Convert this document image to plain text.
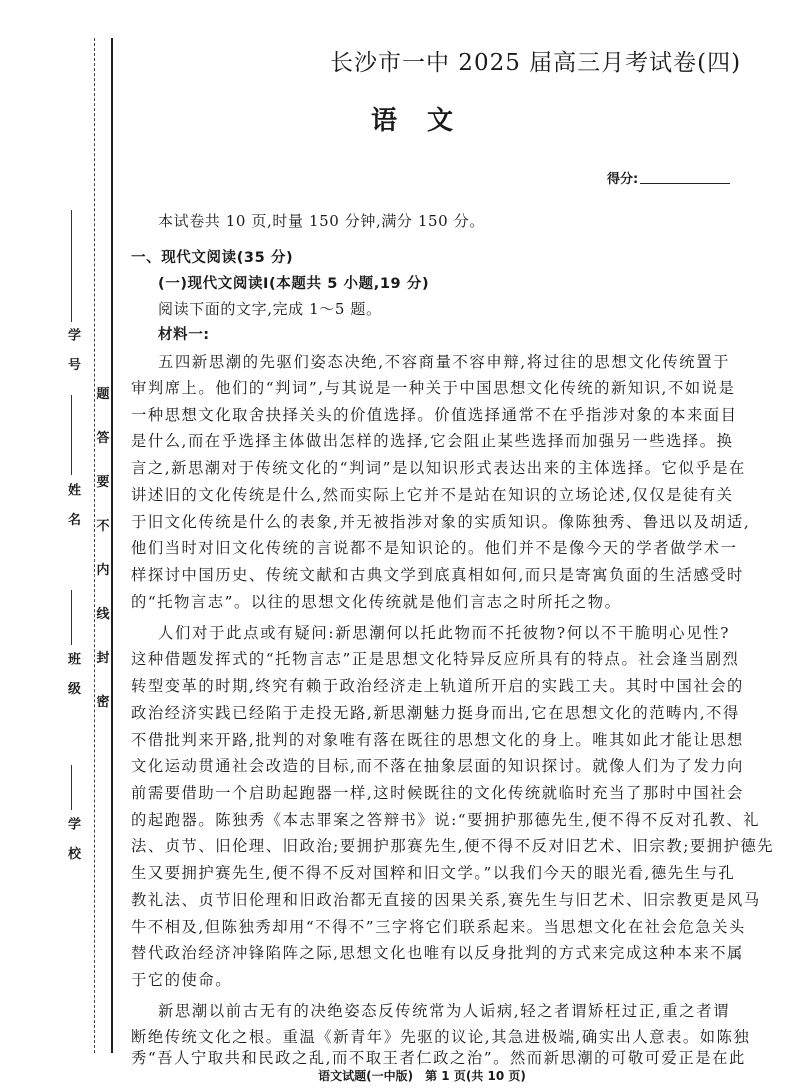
题
答
要
不
内
线
封
密
学 号
姓 名
班 级
学 校
长沙市一中 2025 届高三月考试卷(四)
语文
得分:
本试卷共 10 页,时量 150 分钟,满分 150 分。
一、现代文阅读(35 分)
(一)现代文阅读Ⅰ(本题共 5 小题,19 分)
阅读下面的文字,完成 1～5 题。
材料一:
五四新思潮的先驱们姿态决绝,不容商量不容申辩,将过往的思想文化传统置于
审判席上。他们的“判词”,与其说是一种关于中国思想文化传统的新知识,不如说是
一种思想文化取舍抉择关头的价值选择。价值选择通常不在乎指涉对象的本来面目
是什么,而在乎选择主体做出怎样的选择,它会阻止某些选择而加强另一些选择。换
言之,新思潮对于传统文化的“判词”是以知识形式表达出来的主体选择。它似乎是在
讲述旧的文化传统是什么,然而实际上它并不是站在知识的立场论述,仅仅是徒有关
于旧文化传统是什么的表象,并无被指涉对象的实质知识。像陈独秀、鲁迅以及胡适,
他们当时对旧文化传统的言说都不是知识论的。他们并不是像今天的学者做学术一
样探讨中国历史、传统文献和古典文学到底真相如何,而只是寄寓负面的生活感受时
的“托物言志”。以往的思想文化传统就是他们言志之时所托之物。
人们对于此点或有疑问:新思潮何以托此物而不托彼物?何以不干脆明心见性?
这种借题发挥式的“托物言志”正是思想文化特异反应所具有的特点。社会逢当剧烈
转型变革的时期,终究有赖于政治经济走上轨道所开启的实践工夫。其时中国社会的
政治经济实践已经陷于走投无路,新思潮魅力挺身而出,它在思想文化的范畴内,不得
不借批判来开路,批判的对象唯有落在既往的思想文化的身上。唯其如此才能让思想
文化运动贯通社会改造的目标,而不落在抽象层面的知识探讨。就像人们为了发力向
前需要借助一个启助起跑器一样,这时候既往的文化传统就临时充当了那时中国社会
的起跑器。陈独秀《本志罪案之答辩书》说:“要拥护那德先生,便不得不反对孔教、礼
法、贞节、旧伦理、旧政治;要拥护那赛先生,便不得不反对旧艺术、旧宗教;要拥护德先
生又要拥护赛先生,便不得不反对国粹和旧文学。”以我们今天的眼光看,德先生与孔
教礼法、贞节旧伦理和旧政治都无直接的因果关系,赛先生与旧艺术、旧宗教更是风马
牛不相及,但陈独秀却用“不得不”三字将它们联系起来。当思想文化在社会危急关头
替代政治经济冲锋陷阵之际,思想文化也唯有以反身批判的方式来完成这种本来不属
于它的使命。
新思潮以前古无有的决绝姿态反传统常为人诟病,轻之者谓矫枉过正,重之者谓
断绝传统文化之根。重温《新青年》先驱的议论,其急进极端,确实出人意表。如陈独
秀“吾人宁取共和民政之乱,而不取王者仁政之治”。然而新思潮的可敬可爱正是在此
语文试题(一中版)　第 1 页(共 10 页)
